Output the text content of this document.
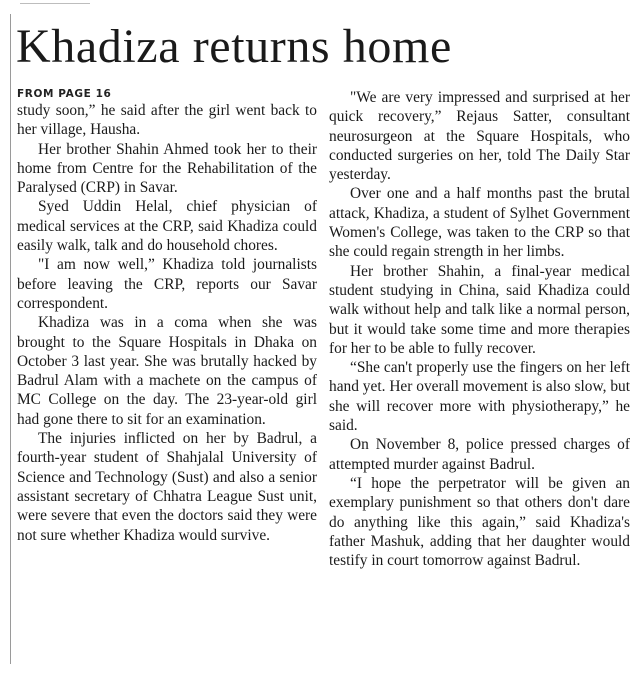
Khadiza returns home
FROM PAGE 16

study soon,” he said after the girl went back to her village, Hausha.

Her brother Shahin Ahmed took her to their home from Centre for the Rehabilitation of the Paralysed (CRP) in Savar.

Syed Uddin Helal, chief physician of medical services at the CRP, said Khadiza could easily walk, talk and do household chores.

"I am now well,” Khadiza told journalists before leaving the CRP, reports our Savar correspondent.

Khadiza was in a coma when she was brought to the Square Hospitals in Dhaka on October 3 last year. She was brutally hacked by Badrul Alam with a machete on the campus of MC College on the day. The 23-year-old girl had gone there to sit for an examination.

The injuries inflicted on her by Badrul, a fourth-year student of Shahjalal University of Science and Technology (Sust) and also a senior assistant secretary of Chhatra League Sust unit, were severe that even the doctors said they were not sure whether Khadiza would survive.

"We are very impressed and surprised at her quick recovery,” Rejaus Satter, consultant neurosurgeon at the Square Hospitals, who conducted surgeries on her, told The Daily Star yesterday.

Over one and a half months past the brutal attack, Khadiza, a student of Sylhet Government Women's College, was taken to the CRP so that she could regain strength in her limbs.

Her brother Shahin, a final-year medical student studying in China, said Khadiza could walk without help and talk like a normal person, but it would take some time and more therapies for her to be able to fully recover.

“She can't properly use the fingers on her left hand yet. Her overall movement is also slow, but she will recover more with physiotherapy,” he said.

On November 8, police pressed charges of attempted murder against Badrul.

“I hope the perpetrator will be given an exemplary punishment so that others don't dare do anything like this again,” said Khadiza's father Mashuk, adding that her daughter would testify in court tomorrow against Badrul.
